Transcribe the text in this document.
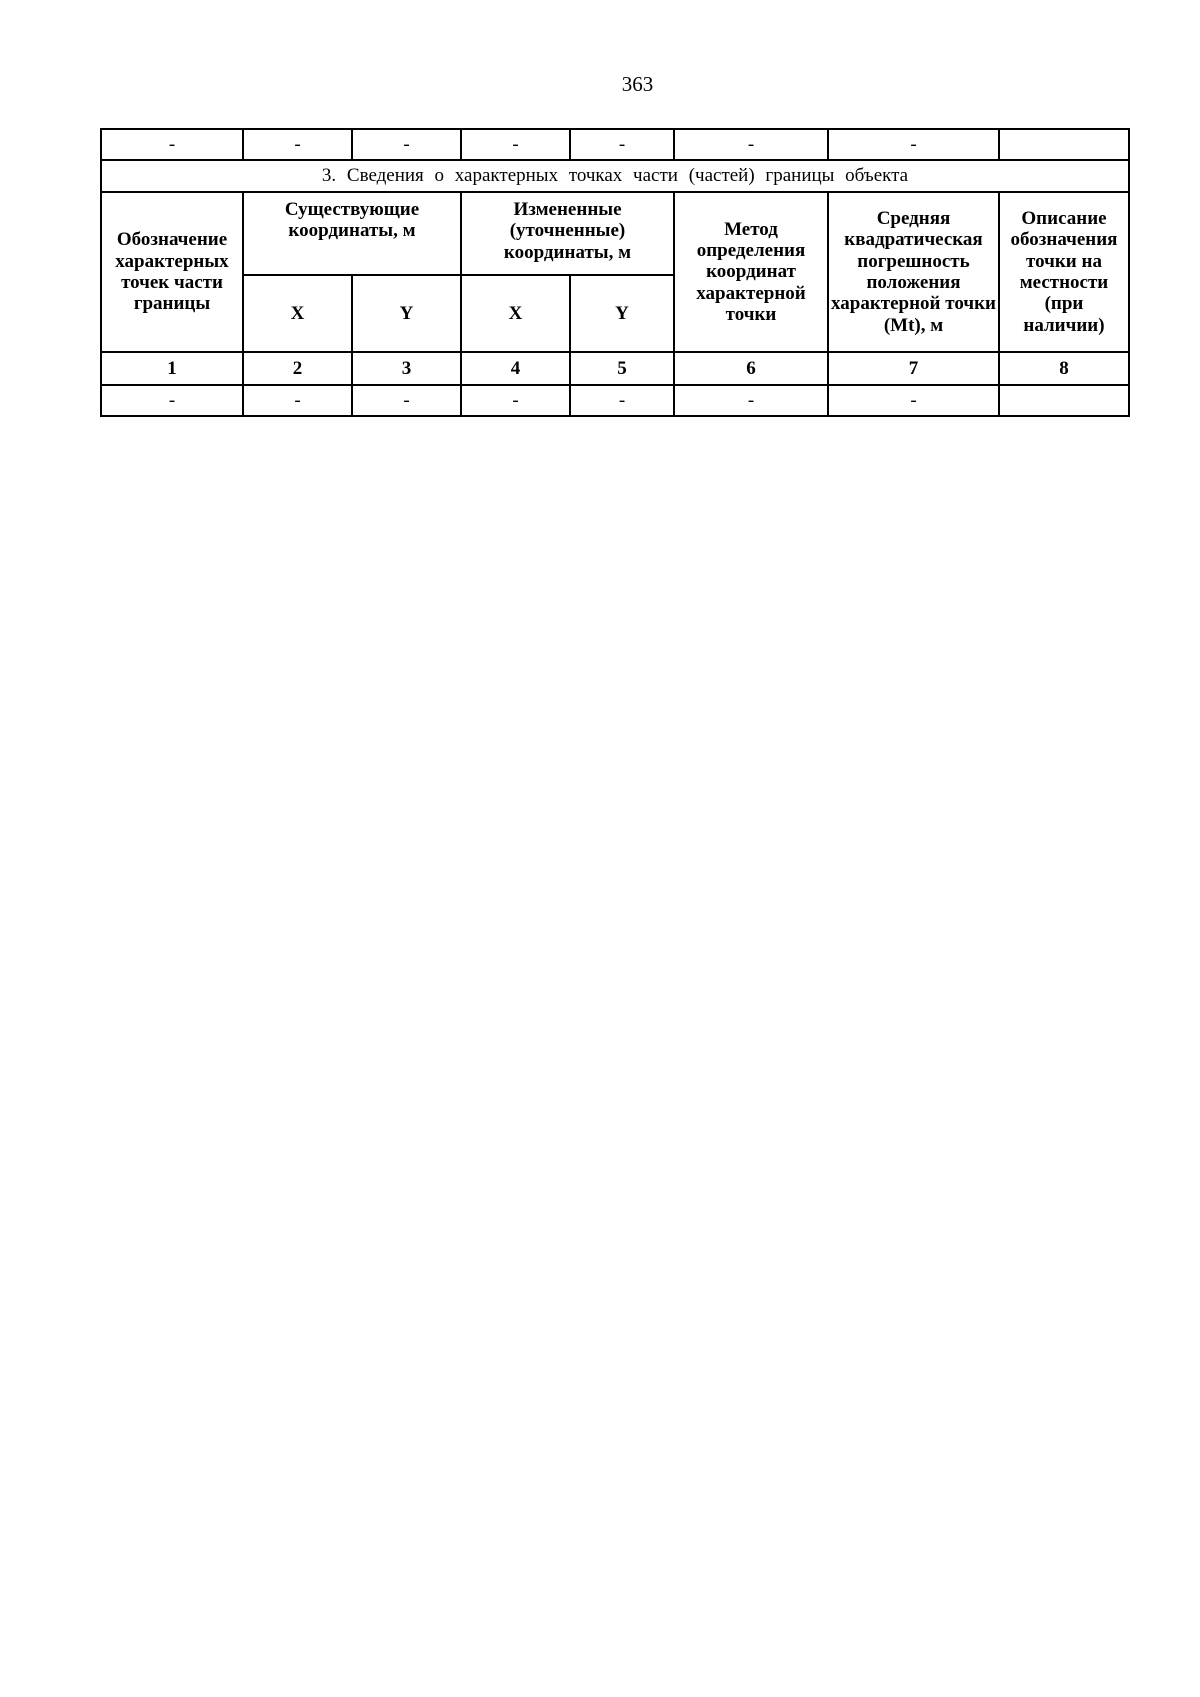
363
-	-	-	-	-	-	-	
3. Сведения о характерных точках части (частей) границы объекта							
Обозначение характерных точек части границы	Существующие координаты, м		Измененные (уточненные) координаты, м		Метод определения координат характерной точки	Средняя квадратическая погрешность положения характерной точки (Mt), м	Описание обозначения точки на местности (при наличии)
	X	Y	X	Y			
1	2	3	4	5	6	7	8
-	-	-	-	-	-	-	
